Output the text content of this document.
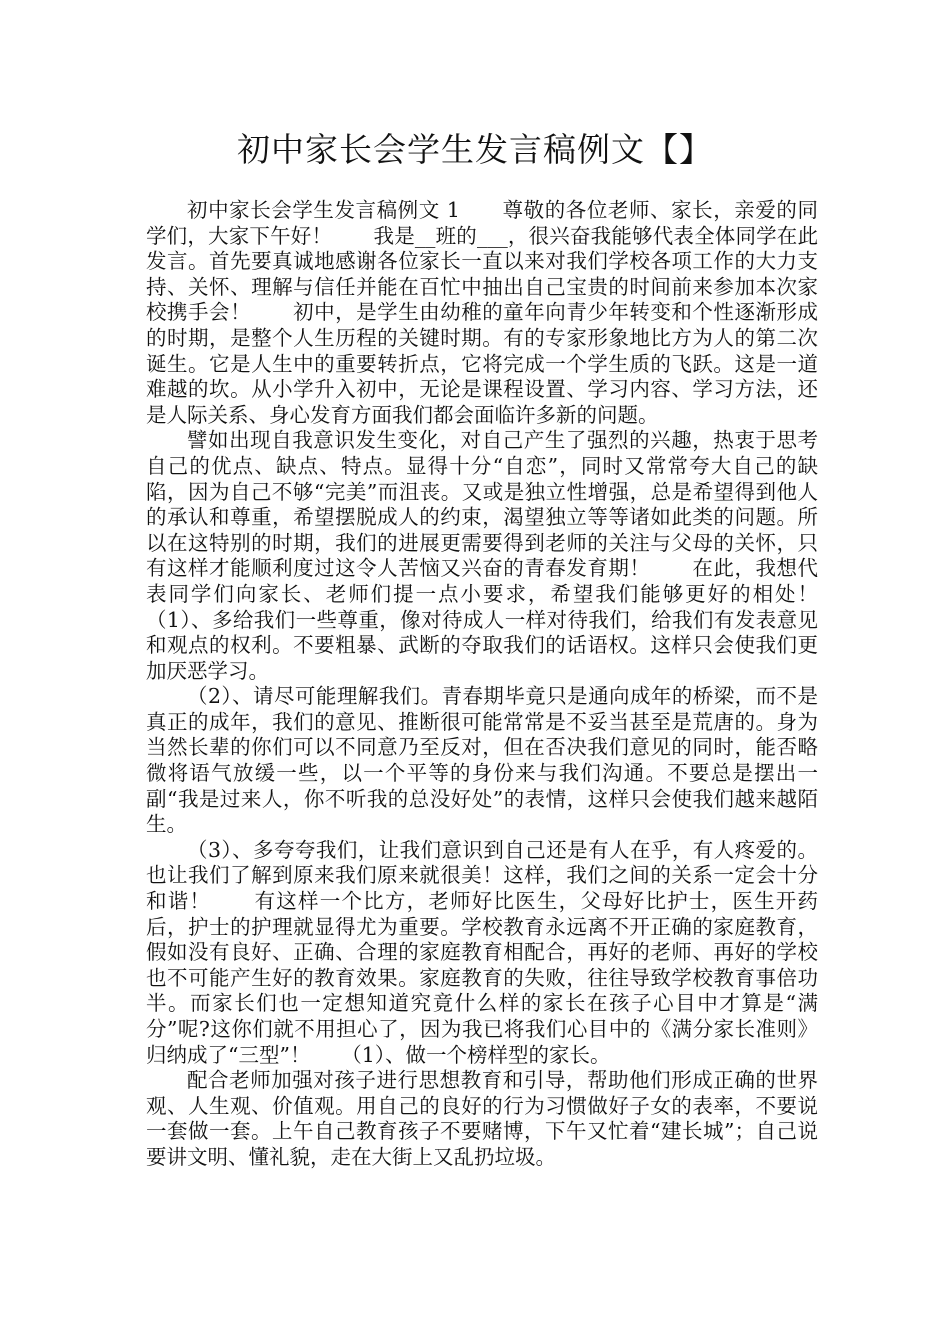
初中家长会学生发言稿例文【】

初中家长会学生发言稿例文 1　　尊敬的各位老师、家长，亲爱的同学们，大家下午好！　　我是__班的___，很兴奋我能够代表全体同学在此发言。首先要真诚地感谢各位家长一直以来对我们学校各项工作的大力支持、关怀、理解与信任并能在百忙中抽出自己宝贵的时间前来参加本次家校携手会！　　初中，是学生由幼稚的童年向青少年转变和个性逐渐形成的时期，是整个人生历程的关键时期。有的专家形象地比方为人的第二次诞生。它是人生中的重要转折点，它将完成一个学生质的飞跃。这是一道难越的坎。从小学升入初中，无论是课程设置、学习内容、学习方法，还是人际关系、身心发育方面我们都会面临许多新的问题。

譬如出现自我意识发生变化，对自己产生了强烈的兴趣，热衷于思考自己的优点、缺点、特点。显得十分“自恋”，同时又常常夸大自己的缺陷，因为自己不够“完美”而沮丧。又或是独立性增强，总是希望得到他人的承认和尊重，希望摆脱成人的约束，渴望独立等等诸如此类的问题。所以在这特别的时期，我们的进展更需要得到老师的关注与父母的关怀，只有这样才能顺利度过这令人苦恼又兴奋的青春发育期！　　在此，我想代表同学们向家长、老师们提一点小要求，希望我们能够更好的相处！　　（1）、多给我们一些尊重，像对待成人一样对待我们，给我们有发表意见和观点的权利。不要粗暴、武断的夺取我们的话语权。这样只会使我们更加厌恶学习。

（2）、请尽可能理解我们。青春期毕竟只是通向成年的桥梁，而不是真正的成年，我们的意见、推断很可能常常是不妥当甚至是荒唐的。身为当然长辈的你们可以不同意乃至反对，但在否决我们意见的同时，能否略微将语气放缓一些，以一个平等的身份来与我们沟通。不要总是摆出一副“我是过来人，你不听我的总没好处”的表情，这样只会使我们越来越陌生。

（3）、多夸夸我们，让我们意识到自己还是有人在乎，有人疼爱的。也让我们了解到原来我们原来就很美！这样，我们之间的关系一定会十分和谐！　　有这样一个比方，老师好比医生，父母好比护士，医生开药后，护士的护理就显得尤为重要。学校教育永远离不开正确的家庭教育，假如没有良好、正确、合理的家庭教育相配合，再好的老师、再好的学校也不可能产生好的教育效果。家庭教育的失败，往往导致学校教育事倍功半。而家长们也一定想知道究竟什么样的家长在孩子心目中才算是“满分”呢?这你们就不用担心了，因为我已将我们心目中的《满分家长准则》归纳成了“三型”！　　（1）、做一个榜样型的家长。

配合老师加强对孩子进行思想教育和引导，帮助他们形成正确的世界观、人生观、价值观。用自己的良好的行为习惯做好子女的表率，不要说一套做一套。上午自己教育孩子不要赌博，下午又忙着“建长城”；自己说要讲文明、懂礼貌，走在大街上又乱扔垃圾。
